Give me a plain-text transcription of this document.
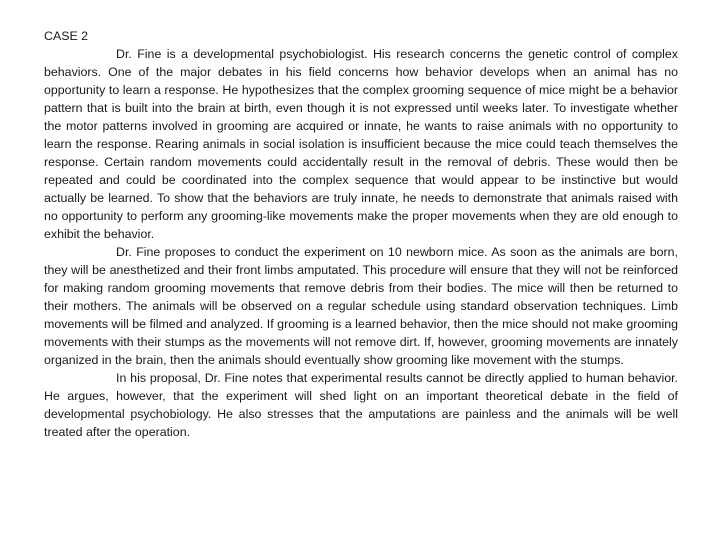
CASE 2

Dr. Fine is a developmental psychobiologist. His research concerns the genetic control of complex behaviors. One of the major debates in his field concerns how behavior develops when an animal has no opportunity to learn a response. He hypothesizes that the complex grooming sequence of mice might be a behavior pattern that is built into the brain at birth, even though it is not expressed until weeks later. To investigate whether the motor patterns involved in grooming are acquired or innate, he wants to raise animals with no opportunity to learn the response. Rearing animals in social isolation is insufficient because the mice could teach themselves the response. Certain random movements could accidentally result in the removal of debris. These would then be repeated and could be coordinated into the complex sequence that would appear to be instinctive but would actually be learned. To show that the behaviors are truly innate, he needs to demonstrate that animals raised with no opportunity to perform any grooming-like movements make the proper movements when they are old enough to exhibit the behavior.

Dr. Fine proposes to conduct the experiment on 10 newborn mice. As soon as the animals are born, they will be anesthetized and their front limbs amputated. This procedure will ensure that they will not be reinforced for making random grooming movements that remove debris from their bodies. The mice will then be returned to their mothers. The animals will be observed on a regular schedule using standard observation techniques. Limb movements will be filmed and analyzed. If grooming is a learned behavior, then the mice should not make grooming movements with their stumps as the movements will not remove dirt. If, however, grooming movements are innately organized in the brain, then the animals should eventually show grooming like movement with the stumps.

In his proposal, Dr. Fine notes that experimental results cannot be directly applied to human behavior. He argues, however, that the experiment will shed light on an important theoretical debate in the field of developmental psychobiology. He also stresses that the amputations are painless and the animals will be well treated after the operation.
